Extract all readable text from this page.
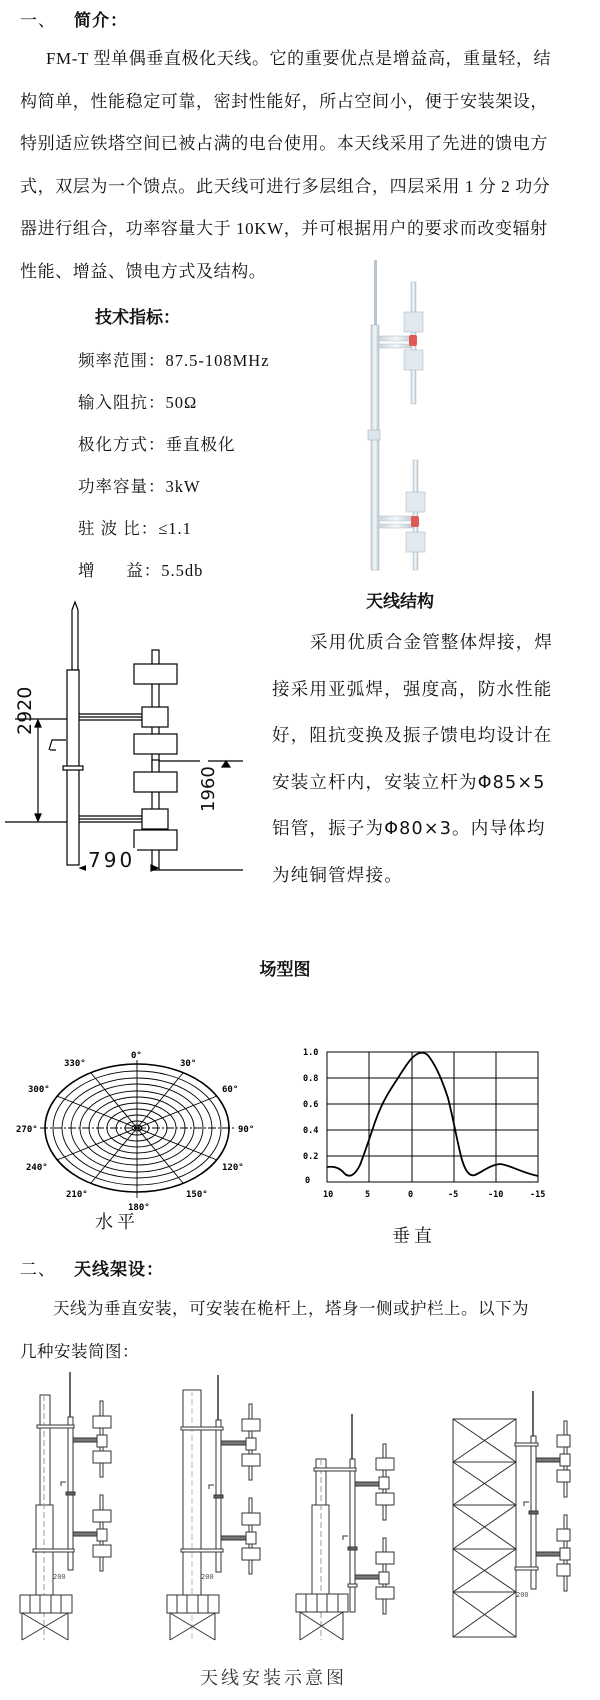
一、 简介：
FM-T 型单偶垂直极化天线。它的重要优点是增益高，重量轻，结
构简单，性能稳定可靠，密封性能好，所占空间小，便于安装架设，
特别适应铁塔空间已被占满的电台使用。本天线采用了先进的馈电方
式，双层为一个馈点。此天线可进行多层组合，四层采用 1 分 2 功分
器进行组合，功率容量大于 10KW，并可根据用户的要求而改变辐射
性能、增益、馈电方式及结构。
技术指标：
频率范围：87.5-108MHz
输入阻抗：50Ω
极化方式：垂直极化
功率容量：3kW
驻 波 比：≤1.1
增      益：5.5db
天线结构
2920
1960
790
采用优质合金管整体焊接，焊
接采用亚弧焊，强度高，防水性能
好，阻抗变换及振子馈电均设计在
安装立杆内，安装立杆为Φ85×5
铝管，振子为Φ80×3。内导体均
为纯铜管焊接。
场型图
0°
30°
60°
90°
120°
150°
180°
210°
240°
270°
300°
330°
水平
1.0
0.8
0.6
0.4
0.2
0
10	5	0	-5	-10	-15
垂直
二、 天线架设：
天线为垂直安装，可安装在桅杆上，塔身一侧或护栏上。以下为
几种安装简图：
200	200
200
天线安装示意图
